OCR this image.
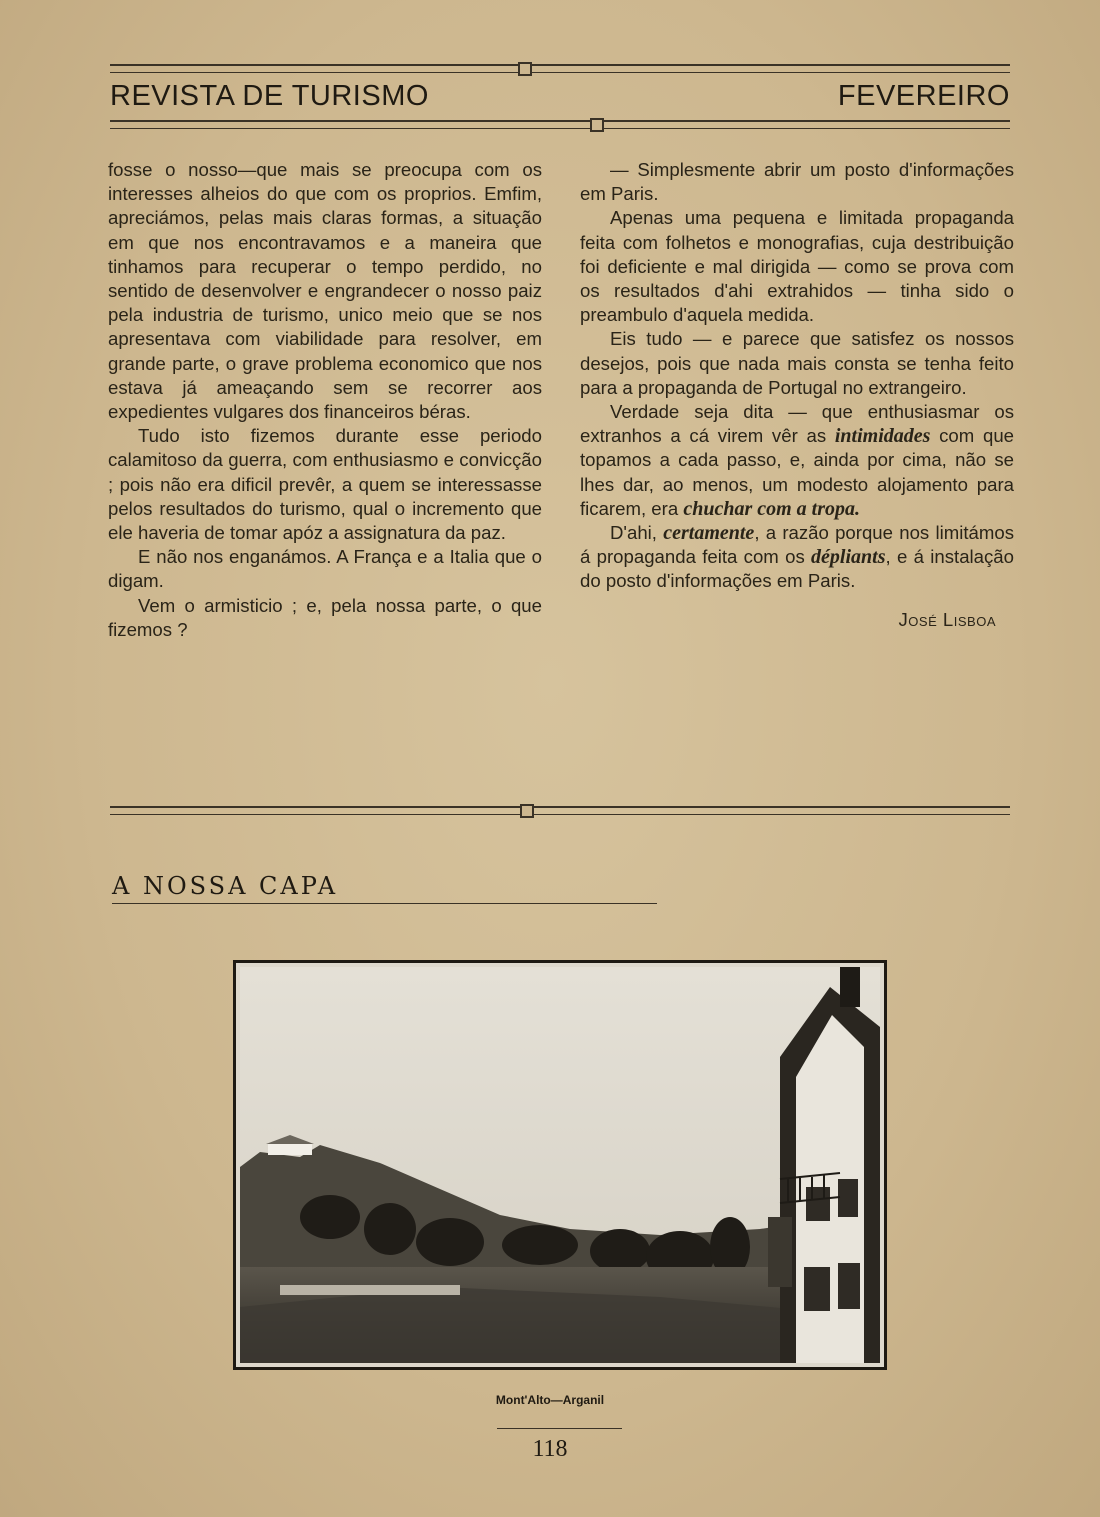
REVISTA DE TURISMO	FEVEREIRO

fosse o nosso—que mais se preocupa com os interesses alheios do que com os proprios. Emfim, apreciámos, pelas mais claras formas, a situação em que nos encontravamos e a maneira que tinhamos para recuperar o tempo perdido, no sentido de desenvolver e engrandecer o nosso paiz pela industria de turismo, unico meio que se nos apresentava com viabilidade para resolver, em grande parte, o grave problema economico que nos estava já ameaçando sem se recorrer aos expedientes vulgares dos financeiros béras.

Tudo isto fizemos durante esse periodo calamitoso da guerra, com enthusiasmo e convicção ; pois não era dificil prevêr, a quem se interessasse pelos resultados do turismo, qual o incremento que ele haveria de tomar apóz a assignatura da paz.

E não nos enganámos. A França e a Italia que o digam.

Vem o armisticio ; e, pela nossa parte, o que fizemos ?

— Simplesmente abrir um posto d'informações em Paris.

Apenas uma pequena e limitada propaganda feita com folhetos e monografias, cuja destribuição foi deficiente e mal dirigida — como se prova com os resultados d'ahi extrahidos — tinha sido o preambulo d'aquela medida.

Eis tudo — e parece que satisfez os nossos desejos, pois que nada mais consta se tenha feito para a propaganda de Portugal no extrangeiro.

Verdade seja dita — que enthusiasmar os extranhos a cá virem vêr as intimidades com que topamos a cada passo, e, ainda por cima, não se lhes dar, ao menos, um modesto alojamento para ficarem, era chuchar com a tropa.

D'ahi, certamente, a razão porque nos limitámos á propaganda feita com os dépliants, e á instalação do posto d'informações em Paris.

José Lisboa

A NOSSA CAPA
Mont'Alto—Arganil
118
